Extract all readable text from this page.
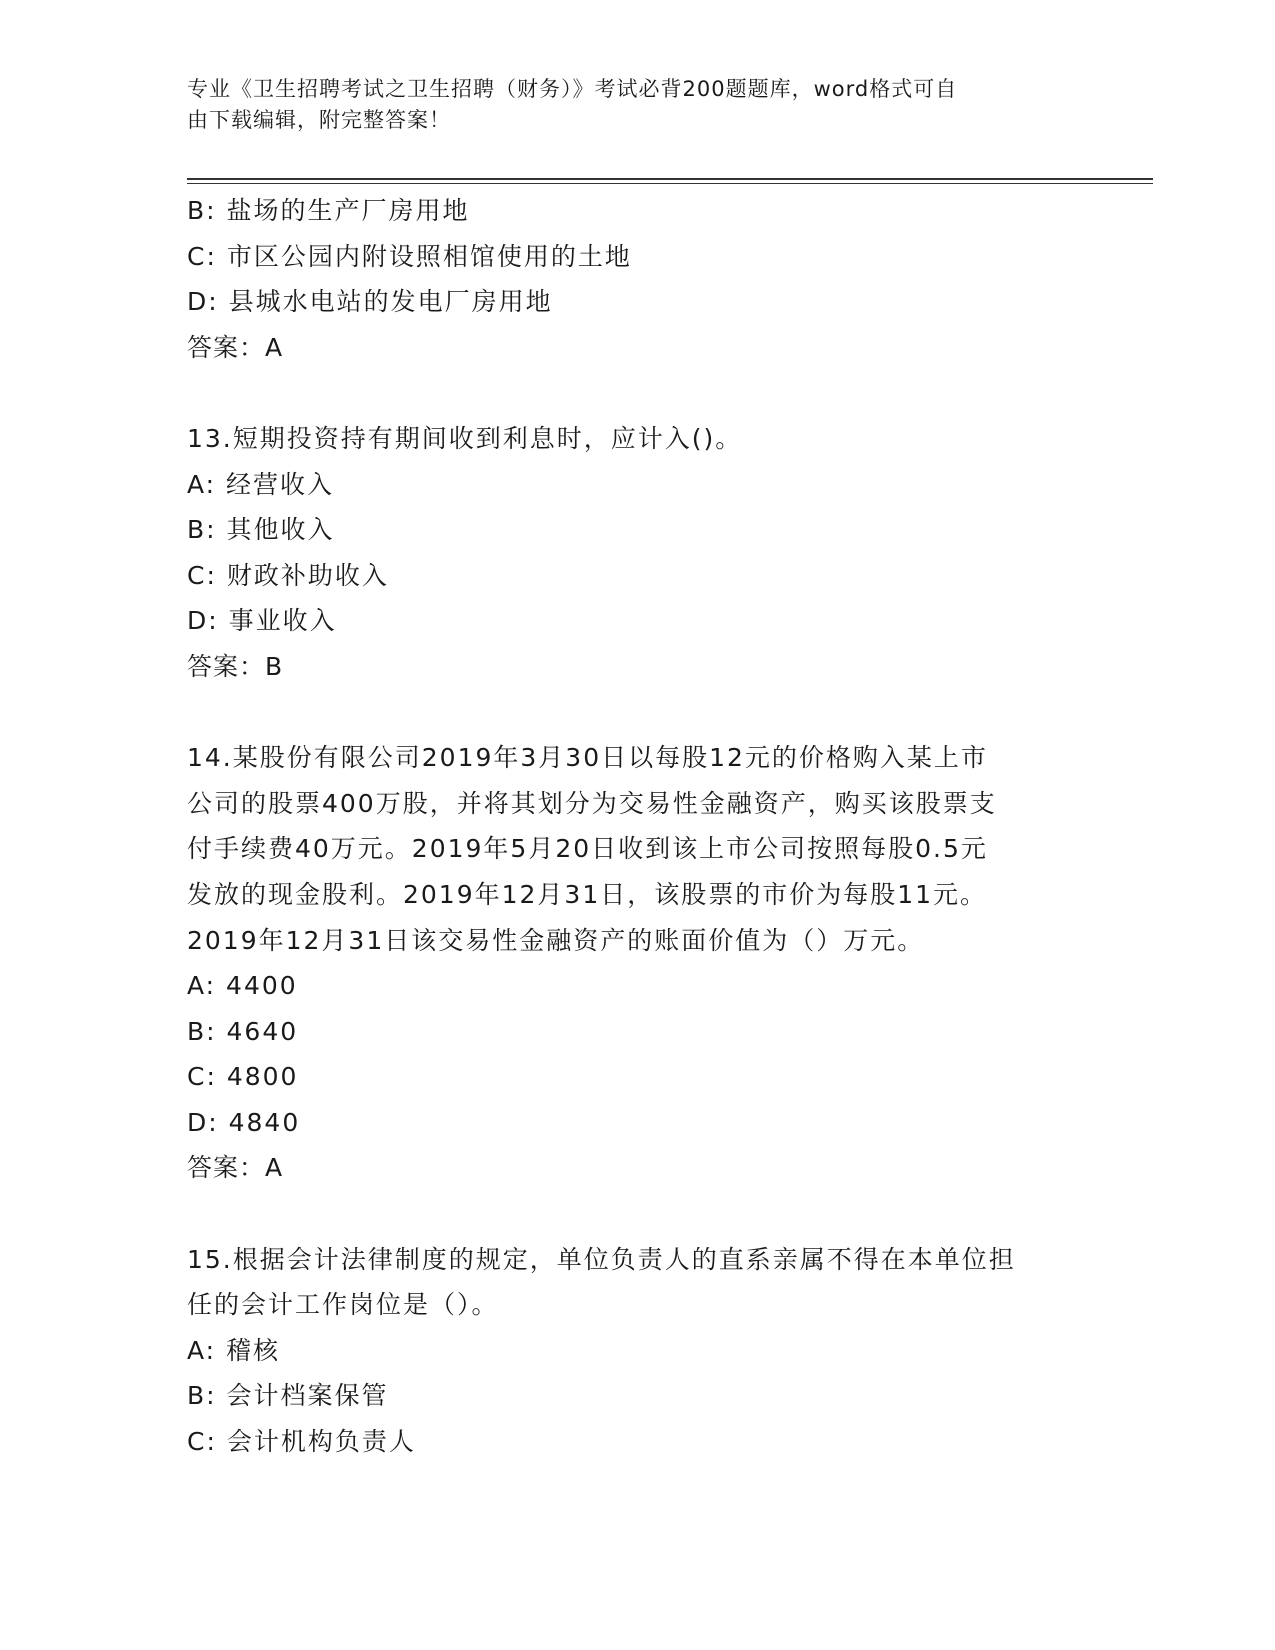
专业《卫生招聘考试之卫生招聘（财务）》考试必背200题题库，word格式可自
由下载编辑，附完整答案！
B: 盐场的生产厂房用地
C: 市区公园内附设照相馆使用的土地
D: 县城水电站的发电厂房用地
答案：A
13.短期投资持有期间收到利息时，应计入()。
A: 经营收入
B: 其他收入
C: 财政补助收入
D: 事业收入
答案：B
14.某股份有限公司2019年3月30日以每股12元的价格购入某上市
公司的股票400万股，并将其划分为交易性金融资产，购买该股票支
付手续费40万元。2019年5月20日收到该上市公司按照每股0.5元
发放的现金股利。2019年12月31日，该股票的市价为每股11元。
2019年12月31日该交易性金融资产的账面价值为（）万元。
A: 4400
B: 4640
C: 4800
D: 4840
答案：A
15.根据会计法律制度的规定，单位负责人的直系亲属不得在本单位担
任的会计工作岗位是（）。
A: 稽核
B: 会计档案保管
C: 会计机构负责人
